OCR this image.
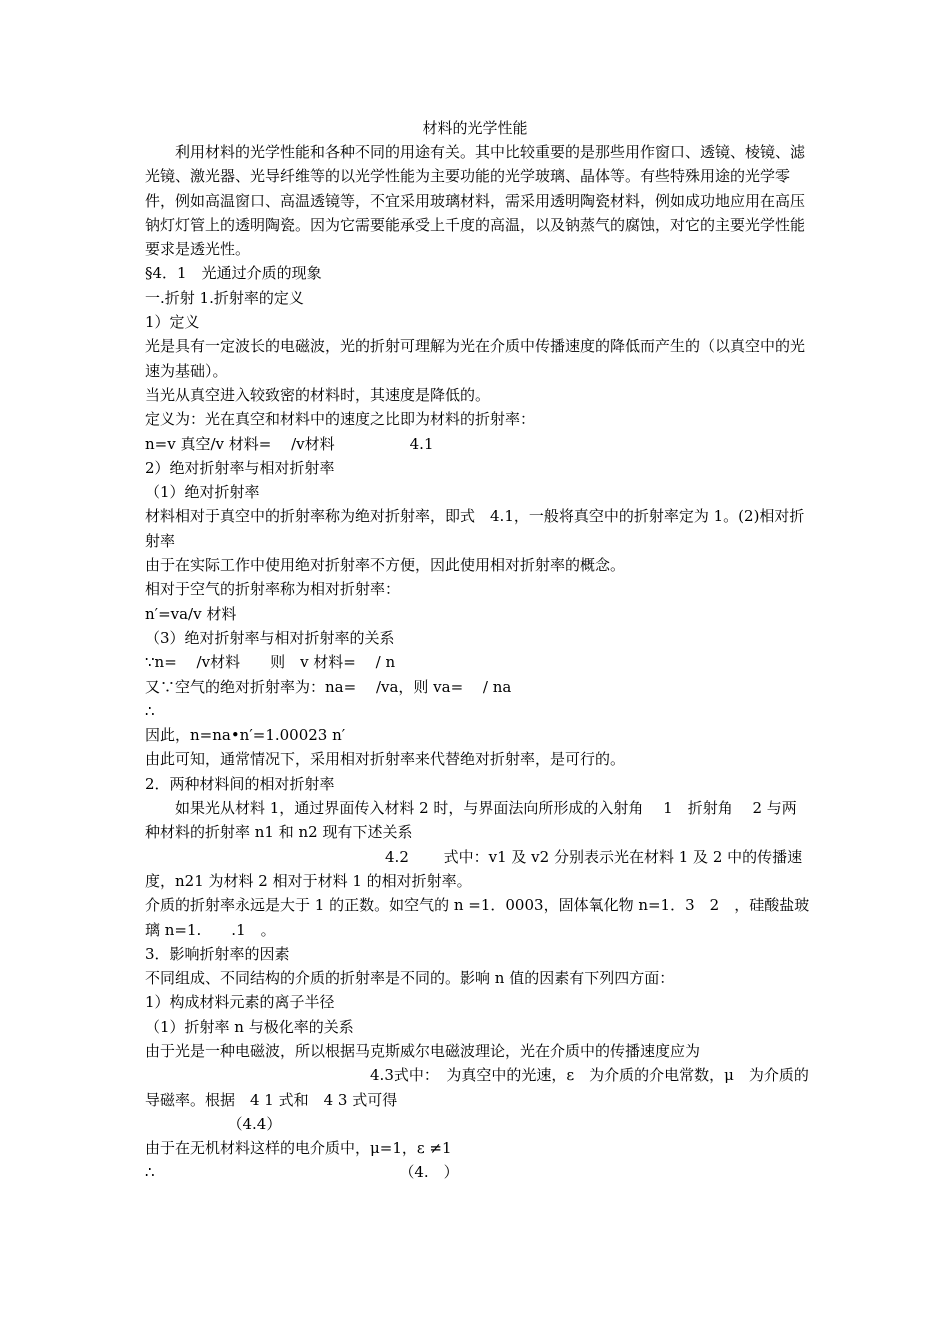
材料的光学性能

利用材料的光学性能和各种不同的用途有关。其中比较重要的是那些用作窗口、透镜、棱镜、滤光镜、激光器、光导纤维等的以光学性能为主要功能的光学玻璃、晶体等。有些特殊用途的光学零件，例如高温窗口、高温透镜等，不宜采用玻璃材料，需采用透明陶瓷材料，例如成功地应用在高压钠灯灯管上的透明陶瓷。因为它需要能承受上千度的高温，以及钠蒸气的腐蚀，对它的主要光学性能要求是透光性。

§4．1　光通过介质的现象

一.折射 1.折射率的定义

1）定义

光是具有一定波长的电磁波，光的折射可理解为光在介质中传播速度的降低而产生的（以真空中的光速为基础）。

当光从真空进入较致密的材料时，其速度是降低的。

定义为：光在真空和材料中的速度之比即为材料的折射率：

n=v 真空/v 材料=　 /v材料　　　　　4.1

2）绝对折射率与相对折射率

（1）绝对折射率

材料相对于真空中的折射率称为绝对折射率，即式　4.1，一般将真空中的折射率定为 1。(2)相对折射率

由于在实际工作中使用绝对折射率不方便，因此使用相对折射率的概念。

相对于空气的折射率称为相对折射率：

n′=va/v 材料

（3）绝对折射率与相对折射率的关系

∵n=　 /v材料　　则　v 材料=　 / n

又∵空气的绝对折射率为：na=　 /va，则 va=　 / na

∴

因此，n=na•n′=1.00023 n′

由此可知，通常情况下，采用相对折射率来代替绝对折射率，是可行的。

2．两种材料间的相对折射率

如果光从材料 1，通过界面传入材料 2 时，与界面法向所形成的入射角　 1　折射角　 2 与两种材料的折射率 n1 和 n2 现有下述关系

　　　　　　　　　　　　　　　　4.2　　 式中：v1 及 v2 分别表示光在材料 1 及 2 中的传播速度，n21 为材料 2 相对于材料 1 的相对折射率。

介质的折射率永远是大于 1 的正数。如空气的 n =1．0003，固体氧化物 n=1．3　2　，硅酸盐玻璃 n=1.　　.1　。

3．影响折射率的因素

不同组成、不同结构的介质的折射率是不同的。影响 n 值的因素有下列四方面：

1）构成材料元素的离子半径

（1）折射率 n 与极化率的关系

由于光是一种电磁波，所以根据马克斯威尔电磁波理论，光在介质中的传播速度应为

　　　　　　　　　　　　　　　4.3式中：　为真空中的光速，ε　为介质的介电常数，μ　为介质的导磁率。根据　4 1 式和　4 3 式可得

　　　　　　（4.4）

由于在无机材料这样的电介质中，μ=1，ε ≠1

∴　　　　　　　　　　　　　　　　 （4.　）
